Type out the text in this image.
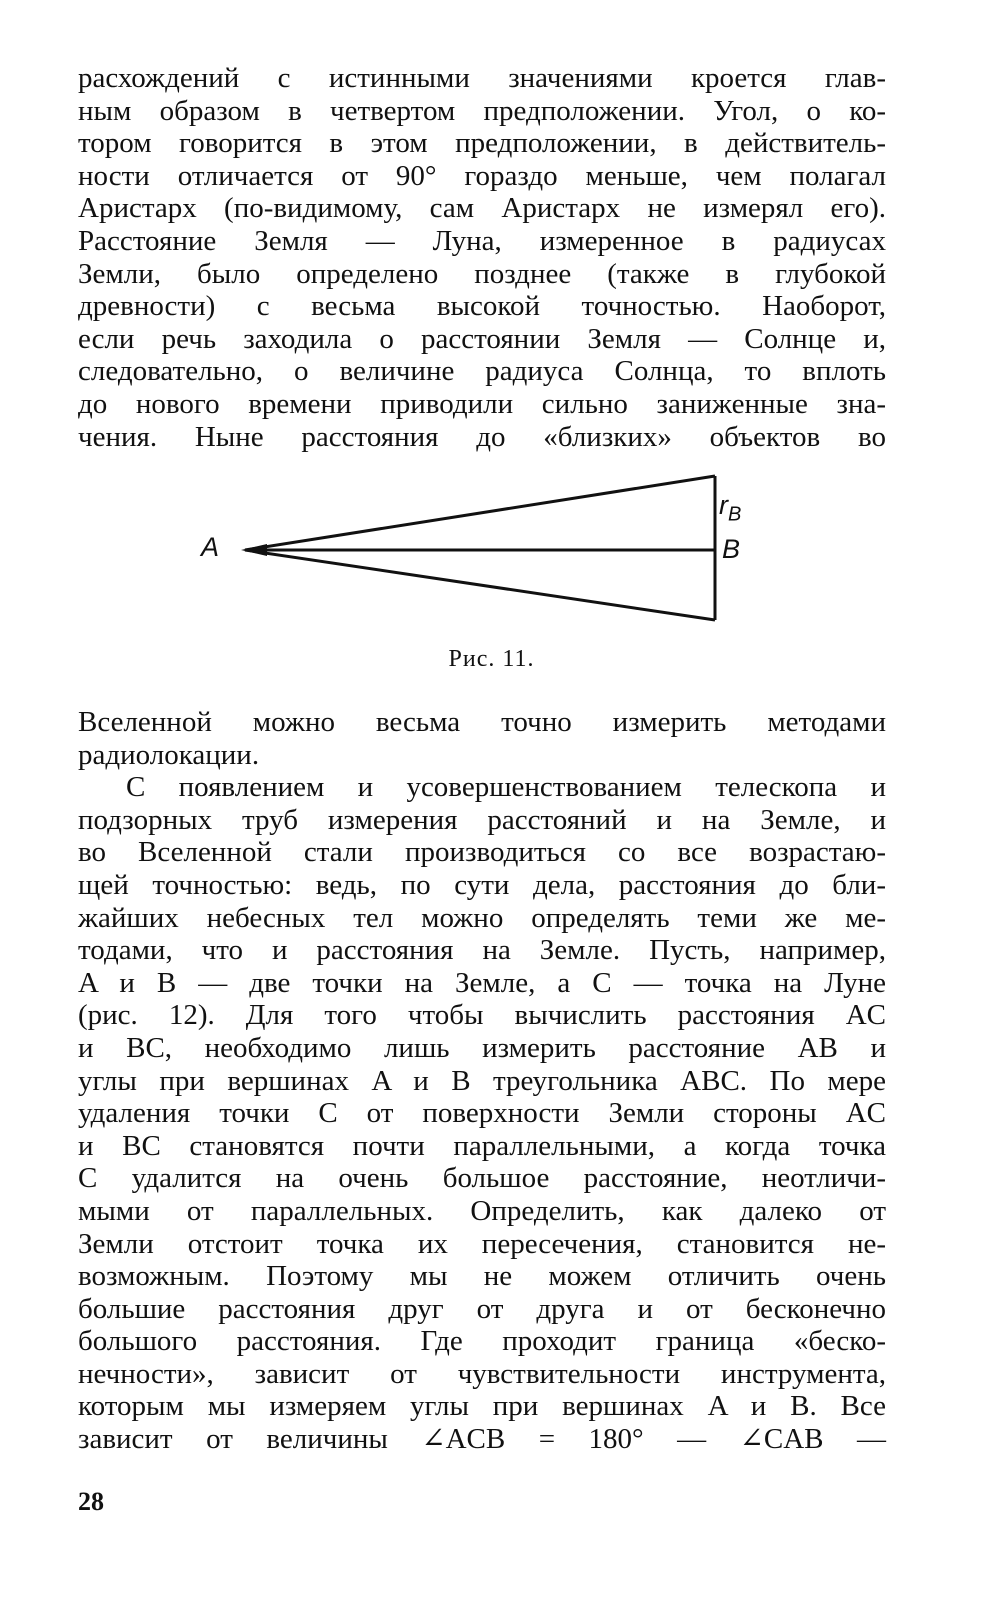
расхождений с истинными значениями кроется глав-
ным образом в четвертом предположении. Угол, о ко-
тором говорится в этом предположении, в действитель-
ности отличается от 90° гораздо меньше, чем полагал
Аристарх (по-видимому, сам Аристарх не измерял его).
Расстояние Земля — Луна, измеренное в радиусах
Земли, было определено позднее (также в глубокой
древности) с весьма высокой точностью. Наоборот,
если речь заходила о расстоянии Земля — Солнце и,
следовательно, о величине радиуса Солнца, то вплоть
до нового времени приводили сильно заниженные зна-
чения. Ныне расстояния до «близких» объектов во
A	B
$r_B$
Рис. 11.
Вселенной можно весьма точно измерить методами
радиолокации.
С появлением и усовершенствованием телескопа и
подзорных труб измерения расстояний и на Земле, и
во Вселенной стали производиться со все возрастаю-
щей точностью: ведь, по сути дела, расстояния до бли-
жайших небесных тел можно определять теми же ме-
тодами, что и расстояния на Земле. Пусть, например,
A и B — две точки на Земле, а C — точка на Луне
(рис. 12). Для того чтобы вычислить расстояния AC
и BC, необходимо лишь измерить расстояние AB и
углы при вершинах A и B треугольника ABC. По мере
удаления точки C от поверхности Земли стороны AC
и BC становятся почти параллельными, а когда точка
C удалится на очень большое расстояние, неотличи-
мыми от параллельных. Определить, как далеко от
Земли отстоит точка их пересечения, становится не-
возможным. Поэтому мы не можем отличить очень
большие расстояния друг от друга и от бесконечно
большого расстояния. Где проходит граница «беско-
нечности», зависит от чувствительности инструмента,
которым мы измеряем углы при вершинах A и B. Все
зависит от величины ∠ACB = 180° — ∠CAB —
28
